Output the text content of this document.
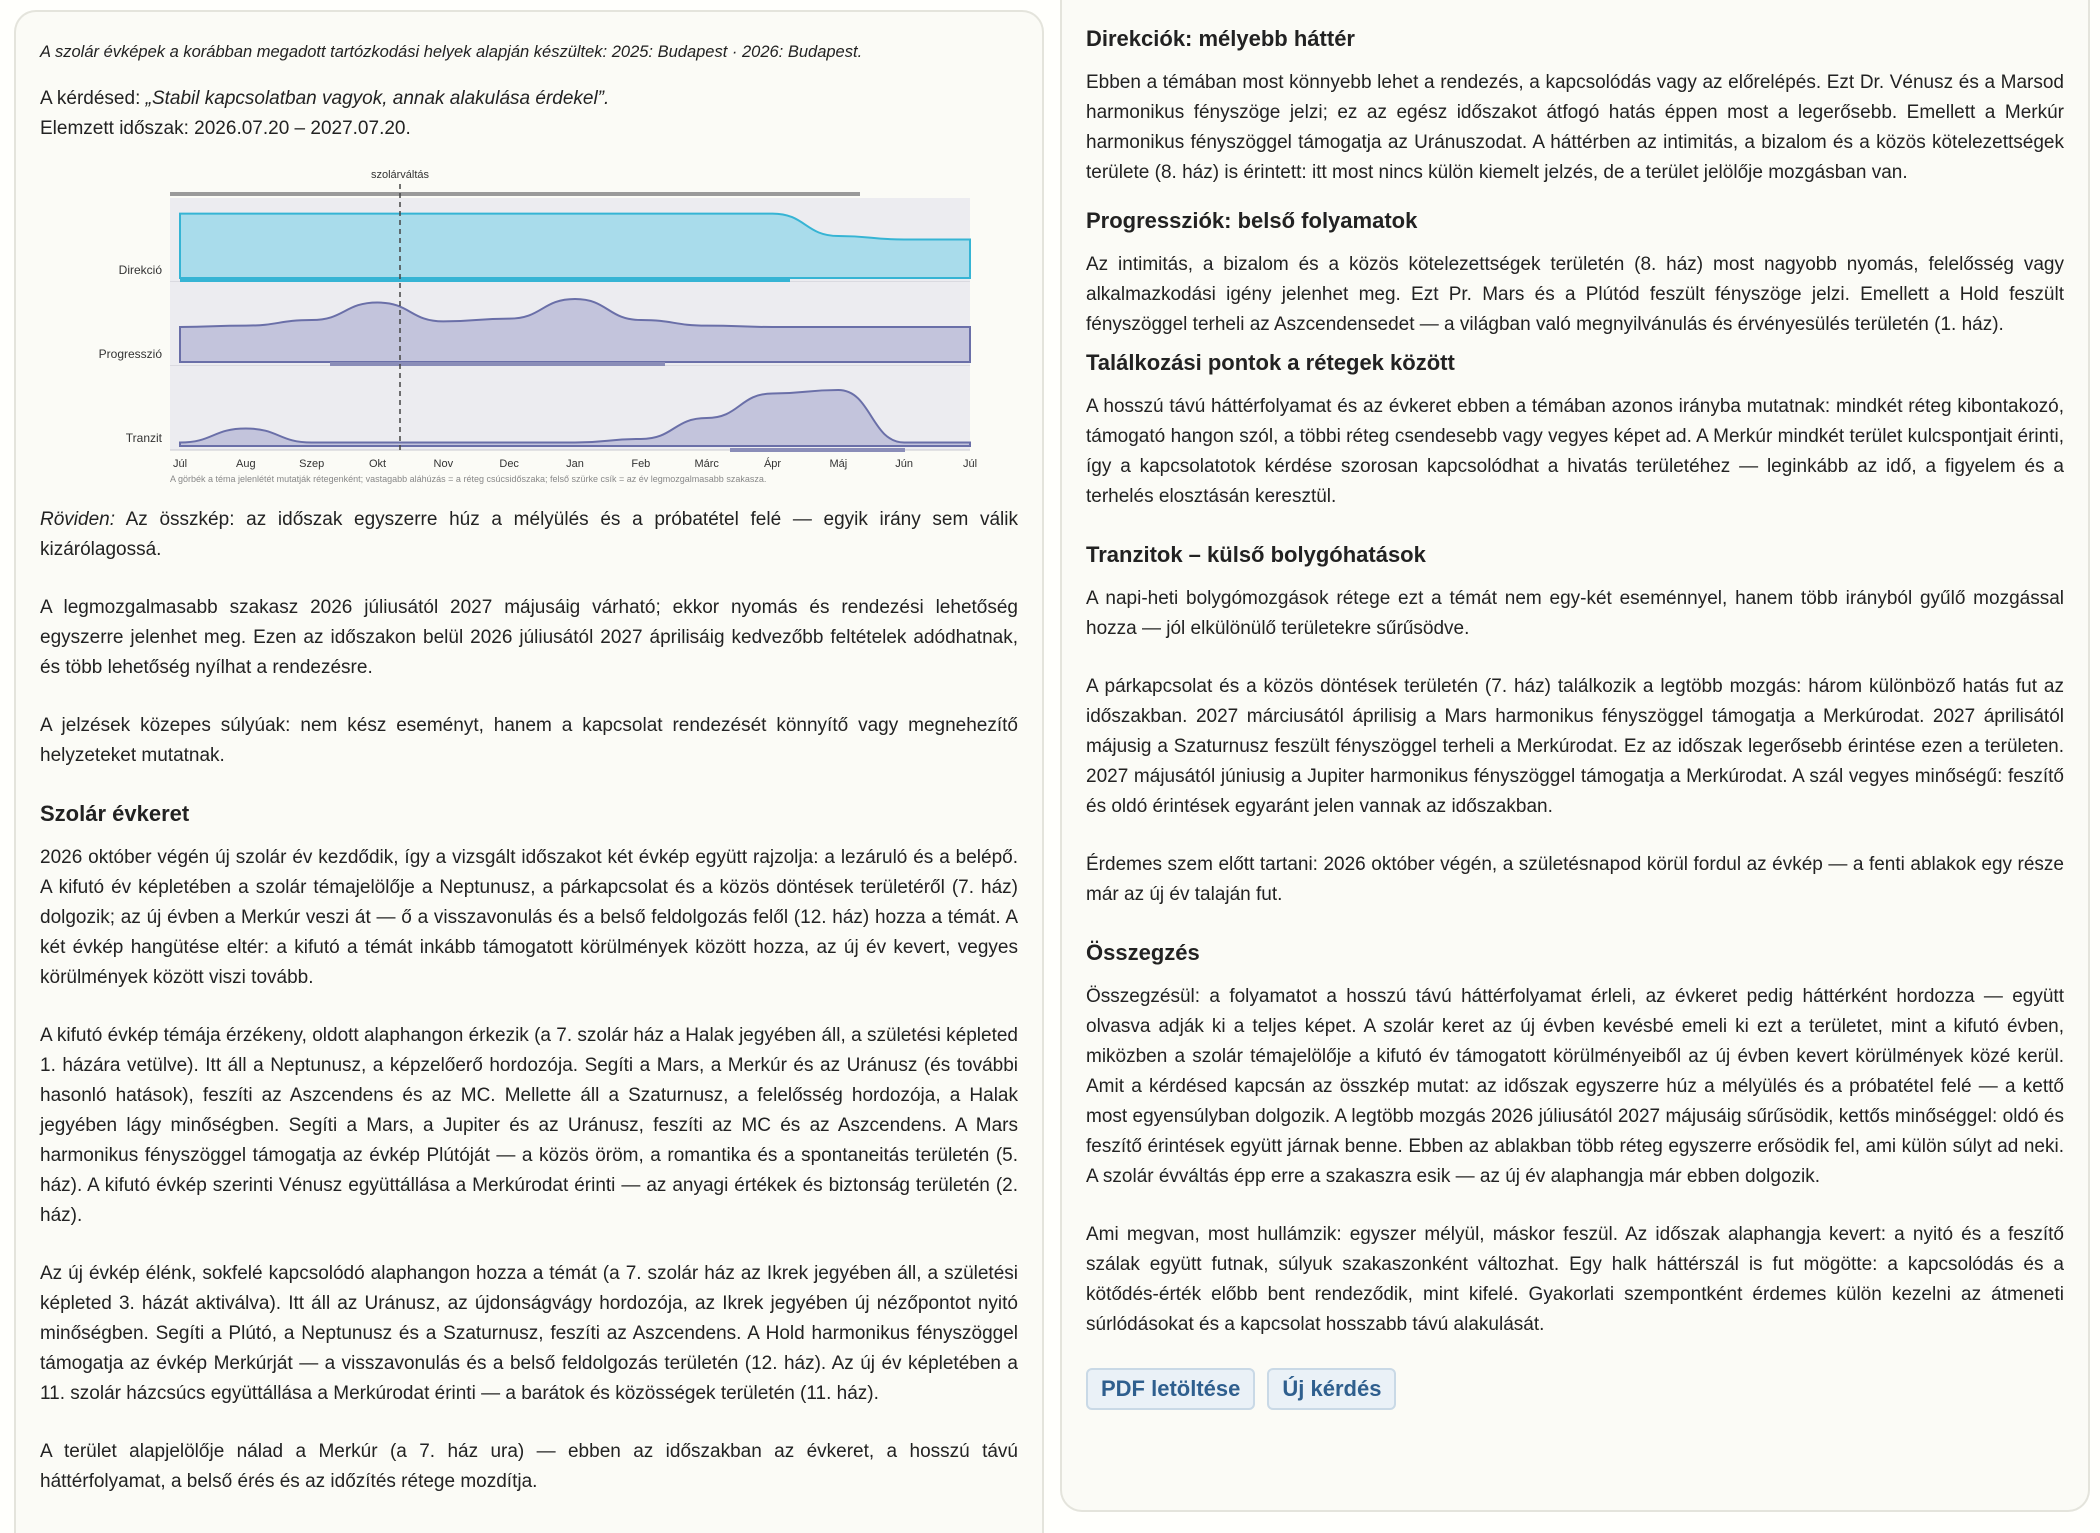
A szolár évképek a korábban megadott tartózkodási helyek alapján készültek: 2025: Budapest · 2026: Budapest.

A kérdésed: „Stabil kapcsolatban vagyok, annak alakulása érdekel”.

Elemzett időszak: 2026.07.20 – 2027.07.20.

Direkció
Progresszió
Tranzit
szolárváltás
Júl	Aug	Szep	Okt	Nov	Dec	Jan	Feb	Márc	Ápr	Máj	Jún	Júl
A görbék a téma jelenlétét mutatják rétegenként; vastagabb aláhúzás = a réteg csúcsidőszaka; felső szürke csík = az év legmozgalmasabb szakasza.

Röviden: Az összkép: az időszak egyszerre húz a mélyülés és a próbatétel felé — egyik irány sem válik kizárólagossá.

A legmozgalmasabb szakasz 2026 júliusától 2027 májusáig várható; ekkor nyomás és rendezési lehetőség egyszerre jelenhet meg. Ezen az időszakon belül 2026 júliusától 2027 áprilisáig kedvezőbb feltételek adódhatnak, és több lehetőség nyílhat a rendezésre.

A jelzések közepes súlyúak: nem kész eseményt, hanem a kapcsolat rendezését könnyítő vagy megnehezítő helyzeteket mutatnak.

Szolár évkeret

2026 október végén új szolár év kezdődik, így a vizsgált időszakot két évkép együtt rajzolja: a lezáruló és a belépő. A kifutó év képletében a szolár témajelölője a Neptunusz, a párkapcsolat és a közös döntések területéről (7. ház) dolgozik; az új évben a Merkúr veszi át — ő a visszavonulás és a belső feldolgozás felől (12. ház) hozza a témát. A két évkép hangütése eltér: a kifutó a témát inkább támogatott körülmények között hozza, az új év kevert, vegyes körülmények között viszi tovább.

A kifutó évkép témája érzékeny, oldott alaphangon érkezik (a 7. szolár ház a Halak jegyében áll, a születési képleted 1. házára vetülve). Itt áll a Neptunusz, a képzelőerő hordozója. Segíti a Mars, a Merkúr és az Uránusz (és további hasonló hatások), feszíti az Aszcendens és az MC. Mellette áll a Szaturnusz, a felelősség hordozója, a Halak jegyében lágy minőségben. Segíti a Mars, a Jupiter és az Uránusz, feszíti az MC és az Aszcendens. A Mars harmonikus fényszöggel támogatja az évkép Plútóját — a közös öröm, a romantika és a spontaneitás területén (5. ház). A kifutó évkép szerinti Vénusz együttállása a Merkúrodat érinti — az anyagi értékek és biztonság területén (2. ház).

Az új évkép élénk, sokfelé kapcsolódó alaphangon hozza a témát (a 7. szolár ház az Ikrek jegyében áll, a születési képleted 3. házát aktiválva). Itt áll az Uránusz, az újdonságvágy hordozója, az Ikrek jegyében új nézőpontot nyitó minőségben. Segíti a Plútó, a Neptunusz és a Szaturnusz, feszíti az Aszcendens. A Hold harmonikus fényszöggel támogatja az évkép Merkúrját — a visszavonulás és a belső feldolgozás területén (12. ház). Az új év képletében a 11. szolár házcsúcs együttállása a Merkúrodat érinti — a barátok és közösségek területén (11. ház).

A terület alapjelölője nálad a Merkúr (a 7. ház ura) — ebben az időszakban az évkeret, a hosszú távú háttérfolyamat, a belső érés és az időzítés rétege mozdítja.

Direkciók: mélyebb háttér

Ebben a témában most könnyebb lehet a rendezés, a kapcsolódás vagy az előrelépés. Ezt Dr. Vénusz és a Marsod harmonikus fényszöge jelzi; ez az egész időszakot átfogó hatás éppen most a legerősebb. Emellett a Merkúr harmonikus fényszöggel támogatja az Uránuszodat. A háttérben az intimitás, a bizalom és a közös kötelezettségek területe (8. ház) is érintett: itt most nincs külön kiemelt jelzés, de a terület jelölője mozgásban van.

Progressziók: belső folyamatok

Az intimitás, a bizalom és a közös kötelezettségek területén (8. ház) most nagyobb nyomás, felelősség vagy alkalmazkodási igény jelenhet meg. Ezt Pr. Mars és a Plútód feszült fényszöge jelzi. Emellett a Hold feszült fényszöggel terheli az Aszcendensedet — a világban való megnyilvánulás és érvényesülés területén (1. ház).

Találkozási pontok a rétegek között

A hosszú távú háttérfolyamat és az évkeret ebben a témában azonos irányba mutatnak: mindkét réteg kibontakozó, támogató hangon szól, a többi réteg csendesebb vagy vegyes képet ad. A Merkúr mindkét terület kulcspontjait érinti, így a kapcsolatotok kérdése szorosan kapcsolódhat a hivatás területéhez — leginkább az idő, a figyelem és a terhelés elosztásán keresztül.

Tranzitok – külső bolygóhatások

A napi-heti bolygómozgások rétege ezt a témát nem egy-két eseménnyel, hanem több irányból gyűlő mozgással hozza — jól elkülönülő területekre sűrűsödve.

A párkapcsolat és a közös döntések területén (7. ház) találkozik a legtöbb mozgás: három különböző hatás fut az időszakban. 2027 márciusától áprilisig a Mars harmonikus fényszöggel támogatja a Merkúrodat. 2027 áprilisától májusig a Szaturnusz feszült fényszöggel terheli a Merkúrodat. Ez az időszak legerősebb érintése ezen a területen. 2027 májusától júniusig a Jupiter harmonikus fényszöggel támogatja a Merkúrodat. A szál vegyes minőségű: feszítő és oldó érintések egyaránt jelen vannak az időszakban.

Érdemes szem előtt tartani: 2026 október végén, a születésnapod körül fordul az évkép — a fenti ablakok egy része már az új év talaján fut.

Összegzés

Összegzésül: a folyamatot a hosszú távú háttérfolyamat érleli, az évkeret pedig háttérként hordozza — együtt olvasva adják ki a teljes képet. A szolár keret az új évben kevésbé emeli ki ezt a területet, mint a kifutó évben, miközben a szolár témajelölője a kifutó év támogatott körülményeiből az új évben kevert körülmények közé kerül. Amit a kérdésed kapcsán az összkép mutat: az időszak egyszerre húz a mélyülés és a próbatétel felé — a kettő most egyensúlyban dolgozik. A legtöbb mozgás 2026 júliusától 2027 májusáig sűrűsödik, kettős minőséggel: oldó és feszítő érintések együtt járnak benne. Ebben az ablakban több réteg egyszerre erősödik fel, ami külön súlyt ad neki. A szolár évváltás épp erre a szakaszra esik — az új év alaphangja már ebben dolgozik.

Ami megvan, most hullámzik: egyszer mélyül, máskor feszül. Az időszak alaphangja kevert: a nyitó és a feszítő szálak együtt futnak, súlyuk szakaszonként változhat. Egy halk háttérszál is fut mögötte: a kapcsolódás és a kötődés-érték előbb bent rendeződik, mint kifelé. Gyakorlati szempontként érdemes külön kezelni az átmeneti súrlódásokat és a kapcsolat hosszabb távú alakulását.

PDF letöltése	Új kérdés
